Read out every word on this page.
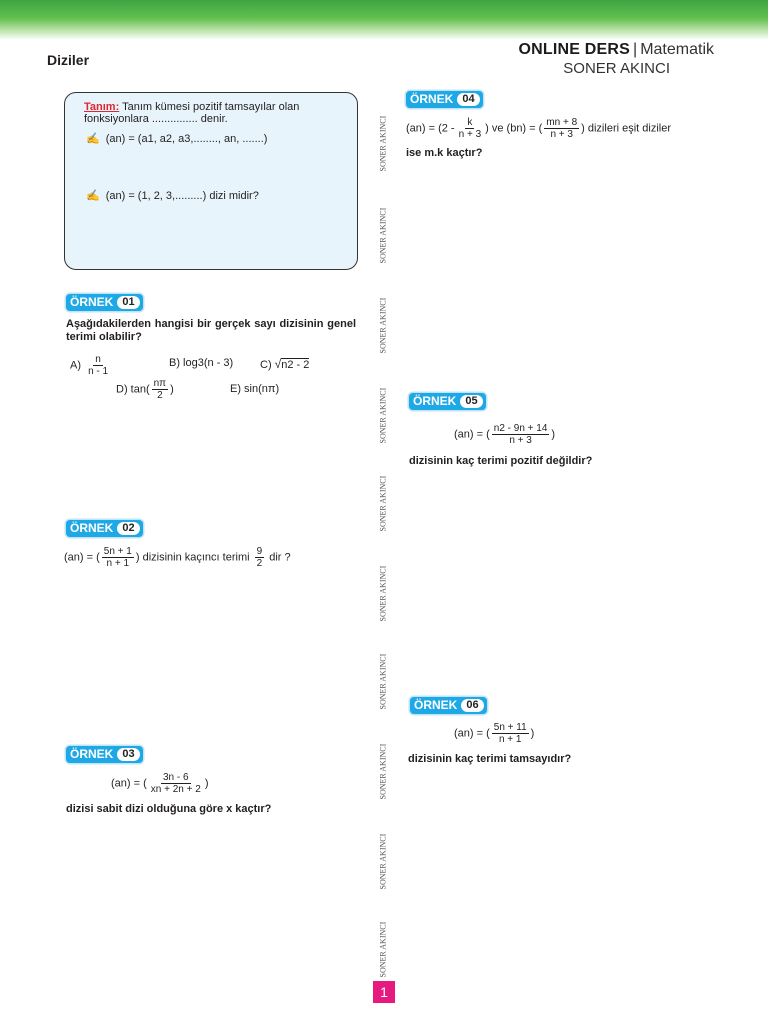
Diziler
ONLINE DERS | Matematik
SONER AKINCI
SONER AKINCI
SONER AKINCI
SONER AKINCI
SONER AKINCI
SONER AKINCI
SONER AKINCI
SONER AKINCI
SONER AKINCI
SONER AKINCI
SONER AKINCI
Tanım: Tanım kümesi pozitif tamsayılar olan fonksiyonlara ............... denir.
✍ (an) = (a1, a2, a3,........, an, .......)
✍ (an) = (1, 2, 3,.........) dizi midir?
ÖRNEK 01
Aşağıdakilerden hangisi bir gerçek sayı dizisinin genel terimi olabilir?
$A) \frac{n}{n - 1}$	B) log3(n - 3) C) √n2 - 2
D) $\tan( \frac{n\pi}{2}$ )	E) sin(nπ)
ÖRNEK 02
(an) = ( $\frac{5n + 1}{n + 1}$ ) dizisinin kaçıncı terimi $\frac{9}{2}$ dir ?
ÖRNEK 03
(an) = ( $\frac{3n - 6}{xn + 2n + 2}$ )
dizisi sabit dizi olduğuna göre x kaçtır?
ÖRNEK 04
$(an) = (2 - \frac{k}{n + 3}$ ) ve (bn) = ( $\frac{mn + 8}{n + 3}$ ) dizileri eşit diziler
ise m.k kaçtır?
ÖRNEK 05
(an) = ( $\frac{n2 - 9n + 14}{n + 3}$ )
dizisinin kaç terimi pozitif değildir?
ÖRNEK 06
(an) = ( $\frac{5n + 11}{n + 1}$ )
dizisinin kaç terimi tamsayıdır?
1
